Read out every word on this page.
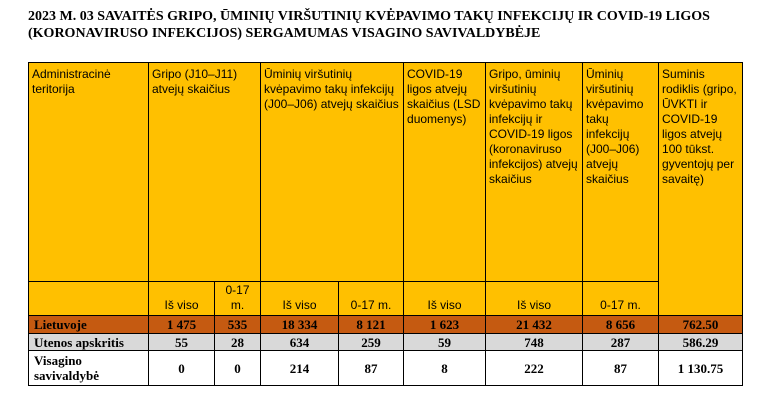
2023 M. 03 SAVAITĖS GRIPO, ŪMINIŲ VIRŠUTINIŲ KVĖPAVIMO TAKŲ INFEKCIJŲ IR COVID-19 LIGOS (KORONAVIRUSO INFEKCIJOS) SERGAMUMAS VISAGINO SAVIVALDYBĖJE
Administracinė teritorija	Gripo (J10–J11) atvejų skaičius		Ūminių viršutinių kvėpavimo takų infekcijų (J00–J06) atvejų skaičius		COVID-19 ligos atvejų skaičius (LSD duomenys)	Gripo, ūminių viršutinių kvėpavimo takų infekcijų ir COVID-19 ligos (koronaviruso infekcijos) atvejų skaičius	Ūminių viršutinių kvėpavimo takų infekcijų (J00–J06) atvejų skaičius	Suminis rodiklis (gripo, ŪVKTI ir COVID-19 ligos atvejų 100 tūkst. gyventojų per savaitę)
	Iš viso	0-17 m.	Iš viso	0-17 m.	Iš viso	Iš viso	0-17 m.	
Lietuvoje	1 475	535	18 334	8 121	1 623	21 432	8 656	762.50
Utenos apskritis	55	28	634	259	59	748	287	586.29
Visagino savivaldybė	0	0	214	87	8	222	87	1 130.75
